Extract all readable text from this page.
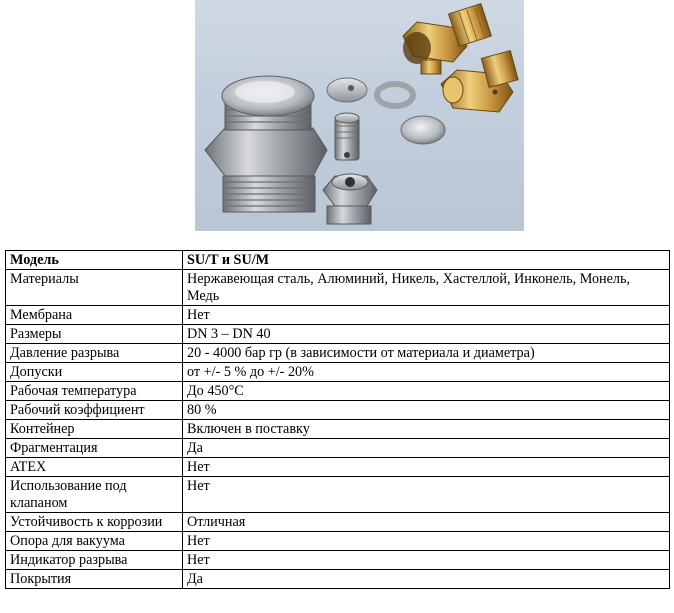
Модель	SU/T и SU/M
Материалы	Нержавеющая сталь, Алюминий, Никель, Хастеллой, Инконель, Монель, Медь
Мембрана	Нет
Размеры	DN 3 – DN 40
Давление разрыва	20 - 4000 бар гр (в зависимости от материала и диаметра)
Допуски	от +/- 5 % до +/- 20%
Рабочая температура	До 450°С
Рабочий коэффициент	80 %
Контейнер	Включен в поставку
Фрагментация	Да
ATEX	Нет
Использование под клапаном	Нет
Устойчивость к коррозии	Отличная
Опора для вакуума	Нет
Индикатор разрыва	Нет
Покрытия	Да
